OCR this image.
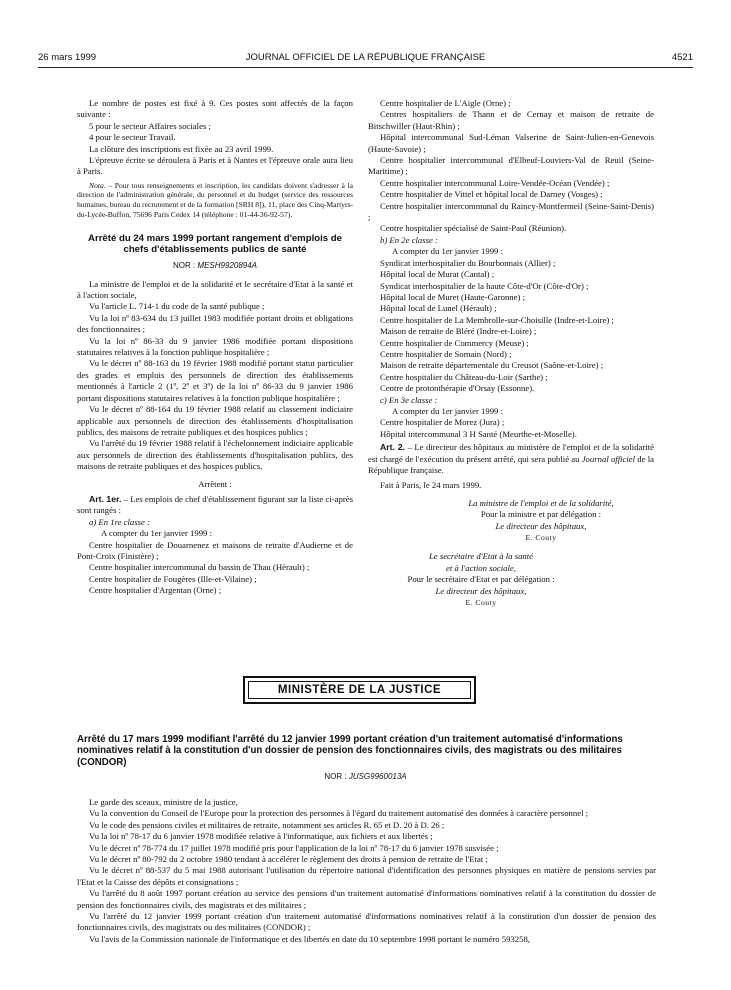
26 mars 1999	JOURNAL OFFICIEL DE LA RÉPUBLIQUE FRANÇAISE	4521

Le nombre de postes est fixé à 9. Ces postes sont affectés de la façon suivante :

5 pour le secteur Affaires sociales ;

4 pour le secteur Travail.

La clôture des inscriptions est fixée au 23 avril 1999.

L'épreuve écrite se déroulera à Paris et à Nantes et l'épreuve orale aura lieu à Paris.

Nota. – Pour tous renseignements et inscription, les candidats doivent s'adresser à la direction de l'administration générale, du personnel et du budget (service des ressources humaines, bureau du recrutement et de la formation [SRH 8]), 11, place des Cinq-Martyrs-du-Lycée-Buffon, 75696 Paris Cedex 14 (téléphone : 01-44-36-92-57).

Arrêté du 24 mars 1999 portant rangement d'emplois de chefs d'établissements publics de santé

NOR : MESH9920894A

La ministre de l'emploi et de la solidarité et le secrétaire d'Etat à la santé et à l'action sociale,

Vu l'article L. 714-1 du code de la santé publique ;

Vu la loi nº 83-634 du 13 juillet 1983 modifiée portant droits et obligations des fonctionnaires ;

Vu la loi nº 86-33 du 9 janvier 1986 modifiée portant dispositions statutaires relatives à la fonction publique hospitalière ;

Vu le décret nº 88-163 du 19 février 1988 modifié portant statut particulier des grades et emplois des personnels de direction des établissements mentionnés à l'article 2 (1º, 2º et 3º) de la loi nº 86-33 du 9 janvier 1986 portant dispositions statutaires relatives à la fonction publique hospitalière ;

Vu le décret nº 88-164 du 19 février 1988 relatif au classement indiciaire applicable aux personnels de direction des établissements d'hospitalisation publics, des maisons de retraite publiques et des hospices publics ;

Vu l'arrêté du 19 février 1988 relatif à l'échelonnement indiciaire applicable aux personnels de direction des établissements d'hospitalisation publics, des maisons de retraite publiques et des hospices publics,

Arrêtent :

Art. 1er. – Les emplois de chef d'établissement figurant sur la liste ci-après sont rangés :

a) En 1re classe :

A compter du 1er janvier 1999 :

Centre hospitalier de Douarnenez et maisons de retraite d'Audierne et de Pont-Croix (Finistère) ;

Centre hospitalier intercommunal du bassin de Thau (Hérault) ;

Centre hospitalier de Fougères (Ille-et-Vilaine) ;

Centre hospitalier d'Argentan (Orne) ;

Centre hospitalier de L'Aigle (Orne) ;

Centres hospitaliers de Thann et de Cernay et maison de retraite de Bitschwiller (Haut-Rhin) ;

Hôpital intercommunal Sud-Léman Valserine de Saint-Julien-en-Genevois (Haute-Savoie) ;

Centre hospitalier intercommunal d'Elbeuf-Louviers-Val de Reuil (Seine-Maritime) ;

Centre hospitalier intercommunal Loire-Vendée-Océan (Vendée) ;

Centre hospitalier de Vittel et hôpital local de Darney (Vosges) ;

Centre hospitalier intercommunal du Raincy-Montfermeil (Seine-Saint-Denis) ;

Centre hospitalier spécialisé de Saint-Paul (Réunion).

b) En 2e classe :

A compter du 1er janvier 1999 :

Syndicat interhospitalier du Bourbonnais (Allier) ;

Hôpital local de Murat (Cantal) ;

Syndicat interhospitalier de la haute Côte-d'Or (Côte-d'Or) ;

Hôpital local de Muret (Haute-Garonne) ;

Hôpital local de Lunel (Hérault) ;

Centre hospitalier de La Membrolle-sur-Choisille (Indre-et-Loire) ;

Maison de retraite de Bléré (Indre-et-Loire) ;

Centre hospitalier de Commercy (Meuse) ;

Centre hospitalier de Somain (Nord) ;

Maison de retraite départementale du Creusot (Saône-et-Loire) ;

Centre hospitalier du Château-du-Loir (Sarthe) ;

Centre de protonthérapie d'Orsay (Essonne).

c) En 3e classe :

A compter du 1er janvier 1999 :

Centre hospitalier de Morez (Jura) ;

Hôpital intercommunal 3 H Santé (Meurthe-et-Moselle).

Art. 2. – Le directeur des hôpitaux au ministère de l'emploi et de la solidarité est chargé de l'exécution du présent arrêté, qui sera publié au Journal officiel de la République française.

Fait à Paris, le 24 mars 1999.

La ministre de l'emploi et de la solidarité,

Pour la ministre et par délégation :

Le directeur des hôpitaux,

E. Couty

Le secrétaire d'Etat à la santé

et à l'action sociale,

Pour le secrétaire d'Etat et par délégation :

Le directeur des hôpitaux,

E. Couty

MINISTÈRE DE LA JUSTICE
Arrêté du 17 mars 1999 modifiant l'arrêté du 12 janvier 1999 portant création d'un traitement automatisé d'informations nominatives relatif à la constitution d'un dossier de pension des fonctionnaires civils, des magistrats ou des militaires (CONDOR)
NOR : JUSG9960013A

Le garde des sceaux, ministre de la justice,

Vu la convention du Conseil de l'Europe pour la protection des personnes à l'égard du traitement automatisé des données à caractère personnel ;

Vu le code des pensions civiles et militaires de retraite, notamment ses articles R. 65 et D. 20 à D. 26 ;

Vu la loi nº 78-17 du 6 janvier 1978 modifiée relative à l'informatique, aux fichiers et aux libertés ;

Vu le décret nº 78-774 du 17 juillet 1978 modifié pris pour l'application de la loi nº 78-17 du 6 janvier 1978 susvisée ;

Vu le décret nº 80-792 du 2 octobre 1980 tendant à accélérer le règlement des droits à pension de retraite de l'Etat ;

Vu le décret nº 88-537 du 5 mai 1988 autorisant l'utilisation du répertoire national d'identification des personnes physiques en matière de pensions servies par l'Etat et la Caisse des dépôts et consignations ;

Vu l'arrêté du 8 août 1997 portant création au service des pensions d'un traitement automatisé d'informations nominatives relatif à la constitution du dossier de pension des fonctionnaires civils, des magistrats et des militaires ;

Vu l'arrêté du 12 janvier 1999 portant création d'un traitement automatisé d'informations nominatives relatif à la constitution d'un dossier de pension des fonctionnaires civils, des magistrats ou des militaires (CONDOR) ;

Vu l'avis de la Commission nationale de l'informatique et des libertés en date du 10 septembre 1998 portant le numéro 593258,
